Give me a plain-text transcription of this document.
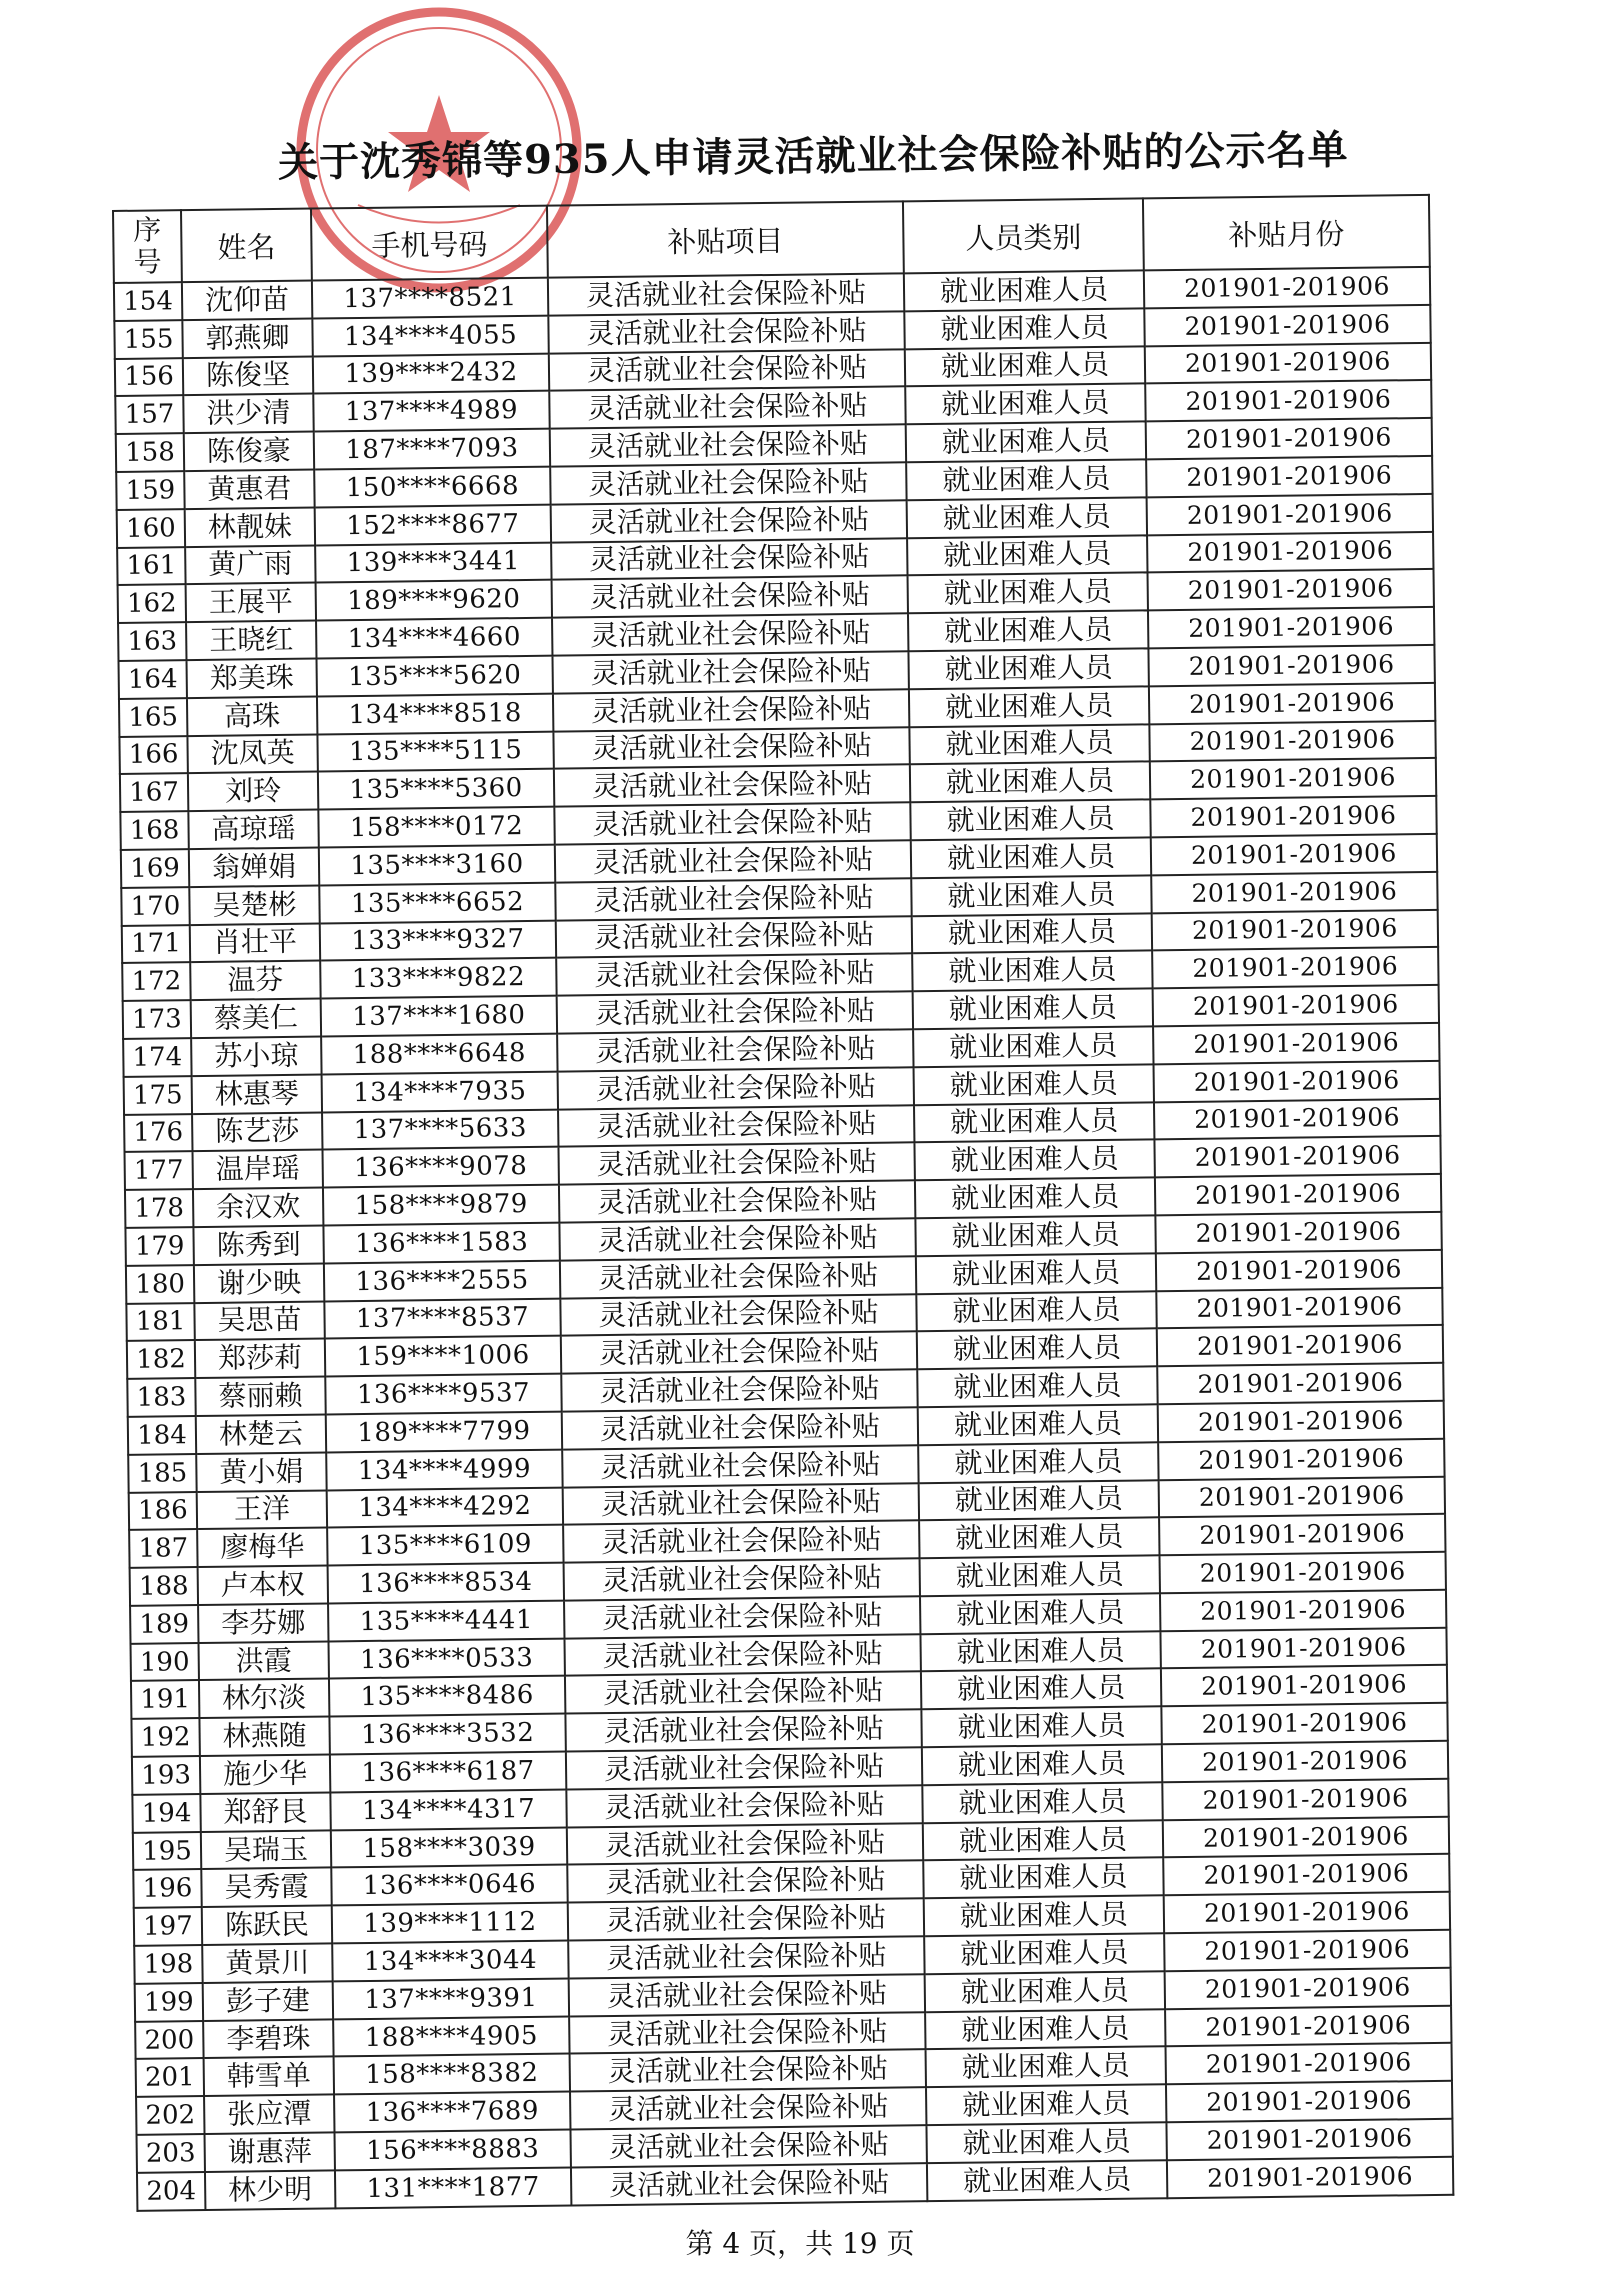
关于沈秀锦等935人申请灵活就业社会保险补贴的公示名单
序
号	姓名	手机号码	补贴项目	人员类别	补贴月份
154	沈仰苗	137****8521	灵活就业社会保险补贴	就业困难人员	201901-201906
155	郭燕卿	134****4055	灵活就业社会保险补贴	就业困难人员	201901-201906
156	陈俊坚	139****2432	灵活就业社会保险补贴	就业困难人员	201901-201906
157	洪少清	137****4989	灵活就业社会保险补贴	就业困难人员	201901-201906
158	陈俊豪	187****7093	灵活就业社会保险补贴	就业困难人员	201901-201906
159	黄惠君	150****6668	灵活就业社会保险补贴	就业困难人员	201901-201906
160	林靓妹	152****8677	灵活就业社会保险补贴	就业困难人员	201901-201906
161	黄广雨	139****3441	灵活就业社会保险补贴	就业困难人员	201901-201906
162	王展平	189****9620	灵活就业社会保险补贴	就业困难人员	201901-201906
163	王晓红	134****4660	灵活就业社会保险补贴	就业困难人员	201901-201906
164	郑美珠	135****5620	灵活就业社会保险补贴	就业困难人员	201901-201906
165	高珠	134****8518	灵活就业社会保险补贴	就业困难人员	201901-201906
166	沈凤英	135****5115	灵活就业社会保险补贴	就业困难人员	201901-201906
167	刘玲	135****5360	灵活就业社会保险补贴	就业困难人员	201901-201906
168	高琼瑶	158****0172	灵活就业社会保险补贴	就业困难人员	201901-201906
169	翁婵娟	135****3160	灵活就业社会保险补贴	就业困难人员	201901-201906
170	吴楚彬	135****6652	灵活就业社会保险补贴	就业困难人员	201901-201906
171	肖壮平	133****9327	灵活就业社会保险补贴	就业困难人员	201901-201906
172	温芬	133****9822	灵活就业社会保险补贴	就业困难人员	201901-201906
173	蔡美仁	137****1680	灵活就业社会保险补贴	就业困难人员	201901-201906
174	苏小琼	188****6648	灵活就业社会保险补贴	就业困难人员	201901-201906
175	林惠琴	134****7935	灵活就业社会保险补贴	就业困难人员	201901-201906
176	陈艺莎	137****5633	灵活就业社会保险补贴	就业困难人员	201901-201906
177	温岸瑶	136****9078	灵活就业社会保险补贴	就业困难人员	201901-201906
178	余汉欢	158****9879	灵活就业社会保险补贴	就业困难人员	201901-201906
179	陈秀到	136****1583	灵活就业社会保险补贴	就业困难人员	201901-201906
180	谢少映	136****2555	灵活就业社会保险补贴	就业困难人员	201901-201906
181	吴思苗	137****8537	灵活就业社会保险补贴	就业困难人员	201901-201906
182	郑莎莉	159****1006	灵活就业社会保险补贴	就业困难人员	201901-201906
183	蔡丽赖	136****9537	灵活就业社会保险补贴	就业困难人员	201901-201906
184	林楚云	189****7799	灵活就业社会保险补贴	就业困难人员	201901-201906
185	黄小娟	134****4999	灵活就业社会保险补贴	就业困难人员	201901-201906
186	王洋	134****4292	灵活就业社会保险补贴	就业困难人员	201901-201906
187	廖梅华	135****6109	灵活就业社会保险补贴	就业困难人员	201901-201906
188	卢本权	136****8534	灵活就业社会保险补贴	就业困难人员	201901-201906
189	李芬娜	135****4441	灵活就业社会保险补贴	就业困难人员	201901-201906
190	洪霞	136****0533	灵活就业社会保险补贴	就业困难人员	201901-201906
191	林尔淡	135****8486	灵活就业社会保险补贴	就业困难人员	201901-201906
192	林燕随	136****3532	灵活就业社会保险补贴	就业困难人员	201901-201906
193	施少华	136****6187	灵活就业社会保险补贴	就业困难人员	201901-201906
194	郑舒艮	134****4317	灵活就业社会保险补贴	就业困难人员	201901-201906
195	吴瑞玉	158****3039	灵活就业社会保险补贴	就业困难人员	201901-201906
196	吴秀霞	136****0646	灵活就业社会保险补贴	就业困难人员	201901-201906
197	陈跃民	139****1112	灵活就业社会保险补贴	就业困难人员	201901-201906
198	黄景川	134****3044	灵活就业社会保险补贴	就业困难人员	201901-201906
199	彭子建	137****9391	灵活就业社会保险补贴	就业困难人员	201901-201906
200	李碧珠	188****4905	灵活就业社会保险补贴	就业困难人员	201901-201906
201	韩雪单	158****8382	灵活就业社会保险补贴	就业困难人员	201901-201906
202	张应潭	136****7689	灵活就业社会保险补贴	就业困难人员	201901-201906
203	谢惠萍	156****8883	灵活就业社会保险补贴	就业困难人员	201901-201906
204	林少明	131****1877	灵活就业社会保险补贴	就业困难人员	201901-201906
第 4 页，共 19 页
